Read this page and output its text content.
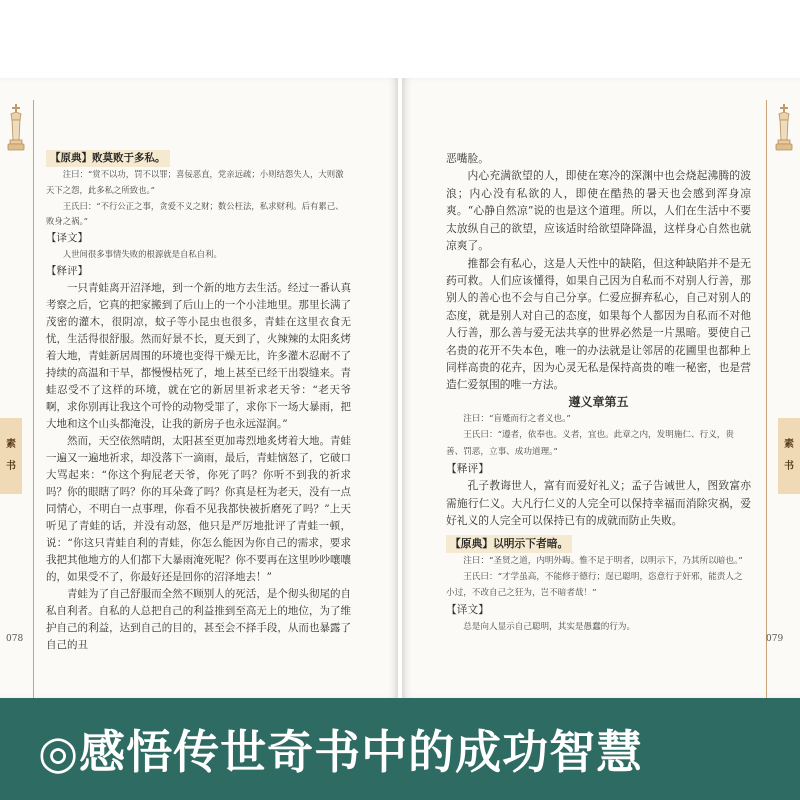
素
书
078

【原典】败莫败于多私。

注曰：“赏不以功，罚不以罪；喜佞恶直，党亲远疏；小则结怨失人，大则激天下之怨，此多私之所致也。”

王氏曰：“不行公正之事，贪爱不义之财；数公枉法，私求财利。后有累己、败身之祸。”

【译文】

人世间很多事情失败的根源就是自私自利。

【释评】

一只青蛙离开沼泽地，到一个新的地方去生活。经过一番认真考察之后，它真的把家搬到了后山上的一个小洼地里。那里长满了茂密的灌木，很阴凉，蚊子等小昆虫也很多，青蛙在这里衣食无忧，生活得很舒服。然而好景不长，夏天到了，火辣辣的太阳炙烤着大地，青蛙新居周围的环境也变得干燥无比，许多灌木忍耐不了持续的高温和干旱，都慢慢枯死了，地上甚至已经干出裂缝来。青蛙忍受不了这样的环境，就在它的新居里祈求老天爷：“老天爷啊，求你别再让我这个可怜的动物受罪了，求你下一场大暴雨，把大地和这个山头都淹没，让我的新房子也永远湿润。”

然而，天空依然晴朗，太阳甚至更加毒烈地炙烤着大地。青蛙一遍又一遍地祈求，却没落下一滴雨，最后，青蛙恼怒了，它破口大骂起来：“你这个狗屁老天爷，你死了吗？你听不到我的祈求吗？你的眼瞎了吗？你的耳朵聋了吗？你真是枉为老天，没有一点同情心，不明白一点事理，你看不见我都快被折磨死了吗？”上天听见了青蛙的话，并没有动怒，他只是严厉地批评了青蛙一顿，说：“你这只青蛙自利的青蛙，你怎么能因为你自己的需求，要求我把其他地方的人们都下大暴雨淹死呢？你不要再在这里吵吵嚷嚷的，如果受不了，你最好还是回你的沼泽地去！”

青蛙为了自己舒服而全然不顾别人的死活，是个彻头彻尾的自私自利者。自私的人总把自己的利益推到至高无上的地位，为了维护自己的利益，达到自己的目的，甚至会不择手段，从而也暴露了自己的丑

素
书
079

恶嘴脸。

内心充满欲望的人，即使在寒冷的深渊中也会烧起沸腾的波浪；内心没有私欲的人，即使在酷热的暑天也会感到浑身凉爽。“心静自然凉”说的也是这个道理。所以，人们在生活中不要太放纵自己的欲望，应该适时给欲望降降温，这样身心自然也就凉爽了。

推都会有私心，这是人天性中的缺陷，但这种缺陷并不是无药可救。人们应该懂得，如果自己因为自私而不对别人行善，那别人的善心也不会与自己分享。仁爱应摒弃私心，自己对别人的态度，就是别人对自己的态度，如果每个人都因为自私而不对他人行善，那么善与爱无法共享的世界必然是一片黑暗。要使自己名贵的花开不失本色，唯一的办法就是让邻居的花圃里也都种上同样高贵的花卉，因为心灵无私是保持高贵的唯一秘密，也是营造仁爱氛围的唯一方法。

遵义章第五

注曰：“盲蹙而行之者义也。”

王氏曰：“遵者，依奉也。义者，宜也。此章之内，发明施仁、行义，贵善、罚恶，立事、成功道理。”

【释评】

孔子教诲世人，富有而爱好礼义；孟子告诫世人，图致富亦需施行仁义。大凡行仁义的人完全可以保持幸福而消除灾祸，爱好礼义的人完全可以保持已有的成就而防止失败。

【原典】以明示下者暗。

注曰：“圣贤之道，内明外晦。惟不足于明者，以明示下，乃其所以暗也。”

王氏曰：“才学虽高，不能修于德行；逞已聪明，恣意行于奸邪，能责人之小过，不改自己之狂为，岂不暗者哉！”

【译文】

总是向人显示自己聪明，其实是愚蠢的行为。

◎感悟传世奇书中的成功智慧
